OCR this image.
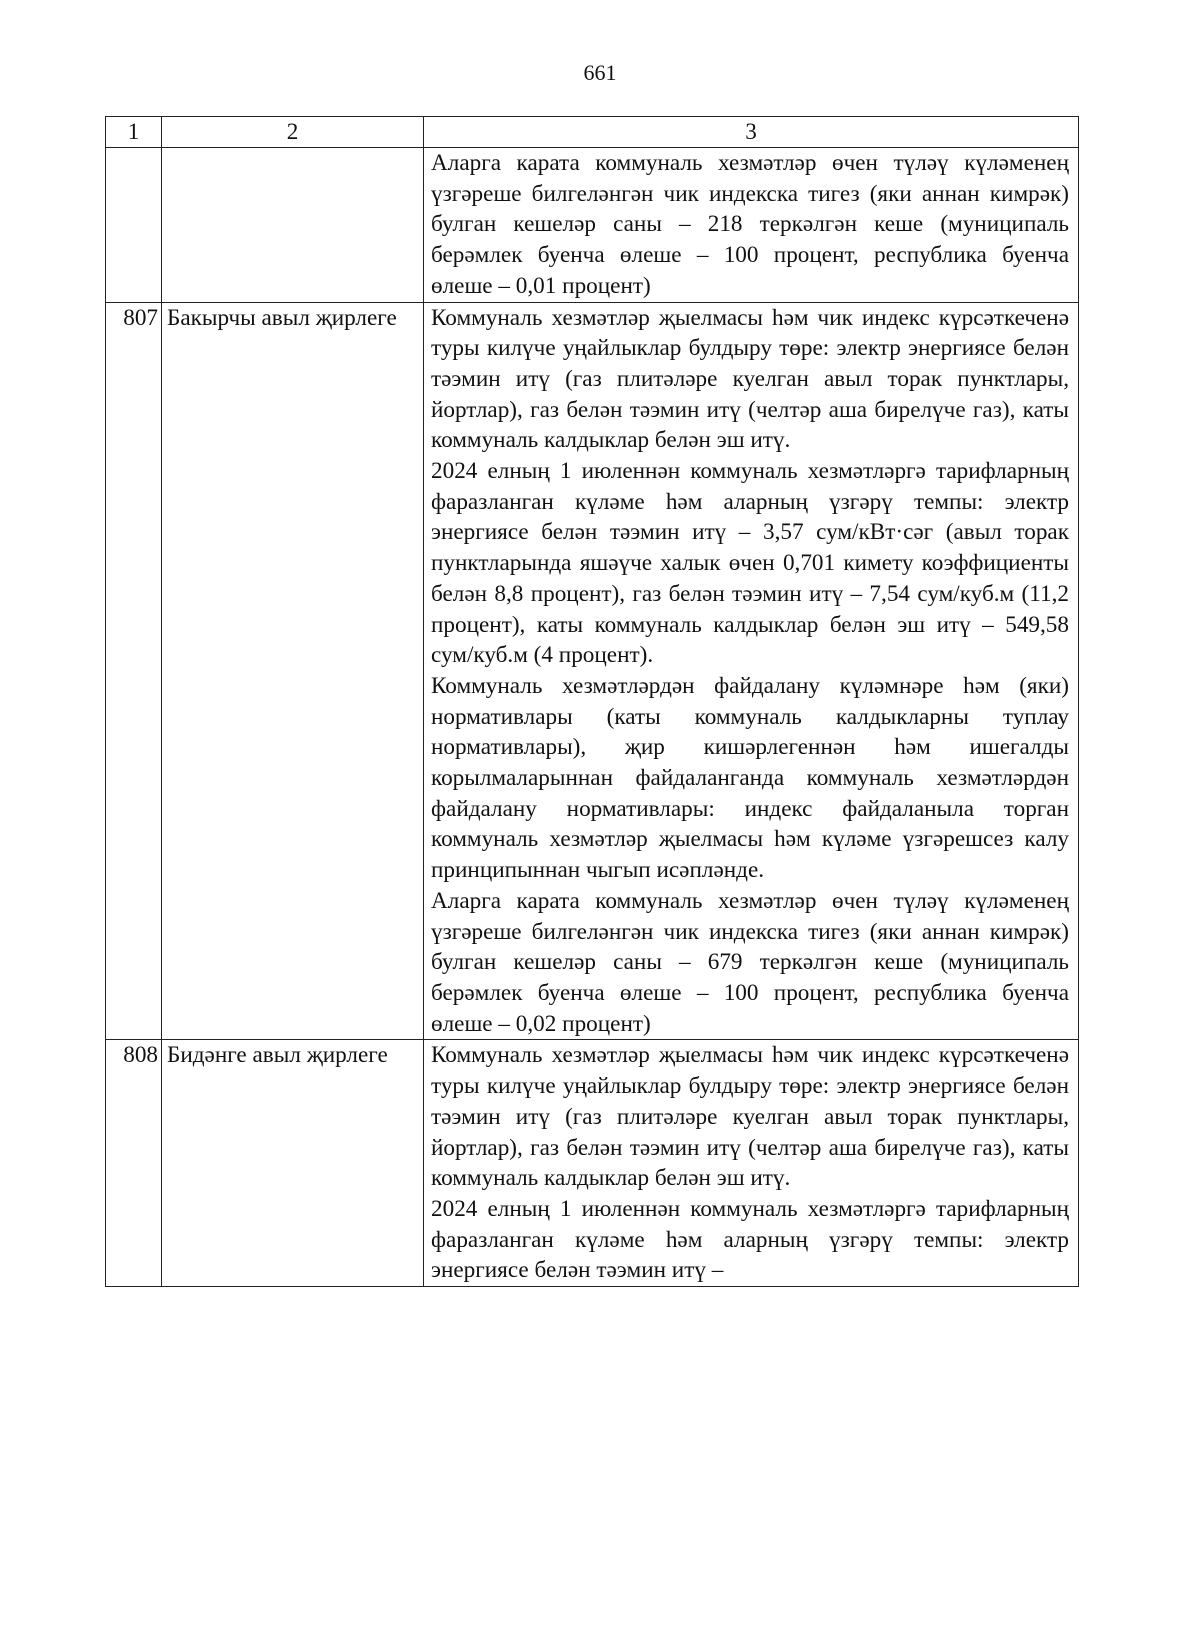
661
1	2	3

		Аларга карата коммуналь хезмәтләр өчен түләү күләменең үзгәреше билгеләнгән чик индекска тигез (яки аннан кимрәк) булган кешеләр саны – 218 теркәлгән кеше (муниципаль берәмлек буенча өлеше – 100 процент, республика буенча өлеше – 0,01 процент)

807	Бакырчы авыл җирлеге	Коммуналь хезмәтләр җыелмасы һәм чик индекс күрсәткеченә туры килүче уңайлыклар булдыру төре: электр энергиясе белән тәэмин итү (газ плитәләре куелган авыл торак пунктлары, йортлар), газ белән тәэмин итү (челтәр аша бирелүче газ), каты коммуналь калдыклар белән эш итү.

2024 елның 1 июленнән коммуналь хезмәтләргә тарифларның фаразланган күләме һәм аларның үзгәрү темпы: электр энергиясе белән тәэмин итү – 3,57 сум/кВт·сәг (авыл торак пунктларында яшәүче халык өчен 0,701 кимету коэффициенты белән 8,8 процент), газ белән тәэмин итү – 7,54 сум/куб.м (11,2 процент), каты коммуналь калдыклар белән эш итү – 549,58 сум/куб.м (4 процент).

Коммуналь хезмәтләрдән файдалану күләмнәре һәм (яки) нормативлары (каты коммуналь калдыкларны туплау нормативлары), җир кишәрлегеннән һәм ишегалды корылмаларыннан файдаланганда коммуналь хезмәтләрдән файдалану нормативлары: индекс файдаланыла торган коммуналь хезмәтләр җыелмасы һәм күләме үзгәрешсез калу принципыннан чыгып исәпләнде.

Аларга карата коммуналь хезмәтләр өчен түләү күләменең үзгәреше билгеләнгән чик индекска тигез (яки аннан кимрәк) булган кешеләр саны – 679 теркәлгән кеше (муниципаль берәмлек буенча өлеше – 100 процент, республика буенча өлеше – 0,02 процент)

808	Бидәнге авыл җирлеге	Коммуналь хезмәтләр җыелмасы һәм чик индекс күрсәткеченә туры килүче уңайлыклар булдыру төре: электр энергиясе белән тәэмин итү (газ плитәләре куелган авыл торак пунктлары, йортлар), газ белән тәэмин итү (челтәр аша бирелүче газ), каты коммуналь калдыклар белән эш итү.

2024 елның 1 июленнән коммуналь хезмәтләргә тарифларның фаразланган күләме һәм аларның үзгәрү темпы: электр энергиясе белән тәэмин итү –
